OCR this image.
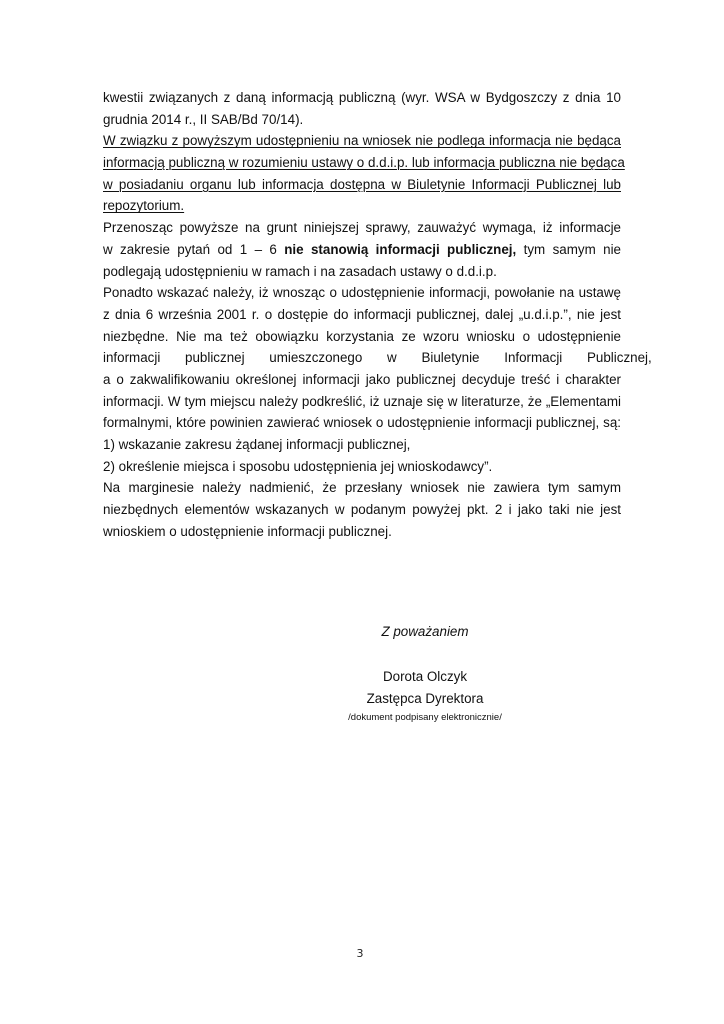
kwestii związanych z daną informacją publiczną (wyr. WSA w Bydgoszczy z dnia 10
grudnia 2014 r., II SAB/Bd 70/14).
W związku z powyższym udostępnieniu na wniosek nie podlega informacja nie będąca
informacją publiczną w rozumieniu ustawy o d.d.i.p. lub informacja publiczna nie będąca
w posiadaniu organu lub informacja dostępna w Biuletynie Informacji Publicznej lub
repozytorium.
Przenosząc powyższe na grunt niniejszej sprawy, zauważyć wymaga, iż informacje
w zakresie pytań od 1 – 6 nie stanowią informacji publicznej, tym samym nie
podlegają udostępnieniu w ramach i na zasadach ustawy o d.d.i.p.
Ponadto wskazać należy, iż wnosząc o udostępnienie informacji, powołanie na ustawę
z dnia 6 września 2001 r. o dostępie do informacji publicznej, dalej „u.d.i.p.”, nie jest
niezbędne. Nie ma też obowiązku korzystania ze wzoru wniosku o udostępnienie
informacji publicznej umieszczonego w Biuletynie Informacji Publicznej,
a o zakwalifikowaniu określonej informacji jako publicznej decyduje treść i charakter
informacji. W tym miejscu należy podkreślić, iż uznaje się w literaturze, że „Elementami
formalnymi, które powinien zawierać wniosek o udostępnienie informacji publicznej, są:
1) wskazanie zakresu żądanej informacji publicznej,
2) określenie miejsca i sposobu udostępnienia jej wnioskodawcy”.
Na marginesie należy nadmienić, że przesłany wniosek nie zawiera tym samym
niezbędnych elementów wskazanych w podanym powyżej pkt. 2 i jako taki nie jest
wnioskiem o udostępnienie informacji publicznej.
Z poważaniem
Dorota Olczyk
Zastępca Dyrektora
/dokument podpisany elektronicznie/
3
